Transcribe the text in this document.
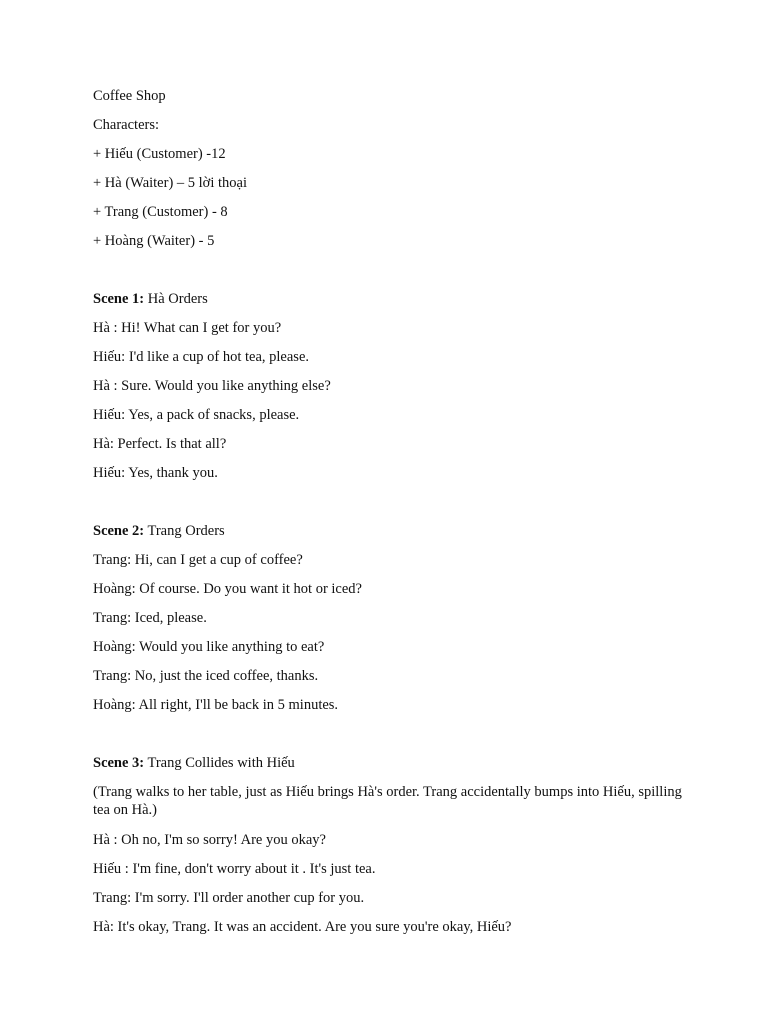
Coffee Shop
Characters:
+ Hiếu (Customer) -12
+ Hà (Waiter) – 5 lời thoại
+ Trang (Customer) - 8
+ Hoàng (Waiter) - 5
Scene 1: Hà Orders
Hà : Hi! What can I get for you?
Hiếu: I'd like a cup of hot tea, please.
Hà : Sure. Would you like anything else?
Hiếu: Yes, a pack of snacks, please.
Hà: Perfect. Is that all?
Hiếu: Yes, thank you.
Scene 2: Trang Orders
Trang: Hi, can I get a cup of coffee?
Hoàng: Of course. Do you want it hot or iced?
Trang: Iced, please.
Hoàng: Would you like anything to eat?
Trang: No, just the iced coffee, thanks.
Hoàng: All right, I'll be back in 5 minutes.
Scene 3: Trang Collides with Hiếu
(Trang walks to her table, just as Hiếu brings Hà's order. Trang accidentally bumps into Hiếu, spilling tea on Hà.)
Hà : Oh no, I'm so sorry! Are you okay?
Hiếu : I'm fine, don't worry about it . It's just tea.
Trang: I'm sorry. I'll order another cup for you.
Hà: It's okay, Trang. It was an accident. Are you sure you're okay, Hiếu?
